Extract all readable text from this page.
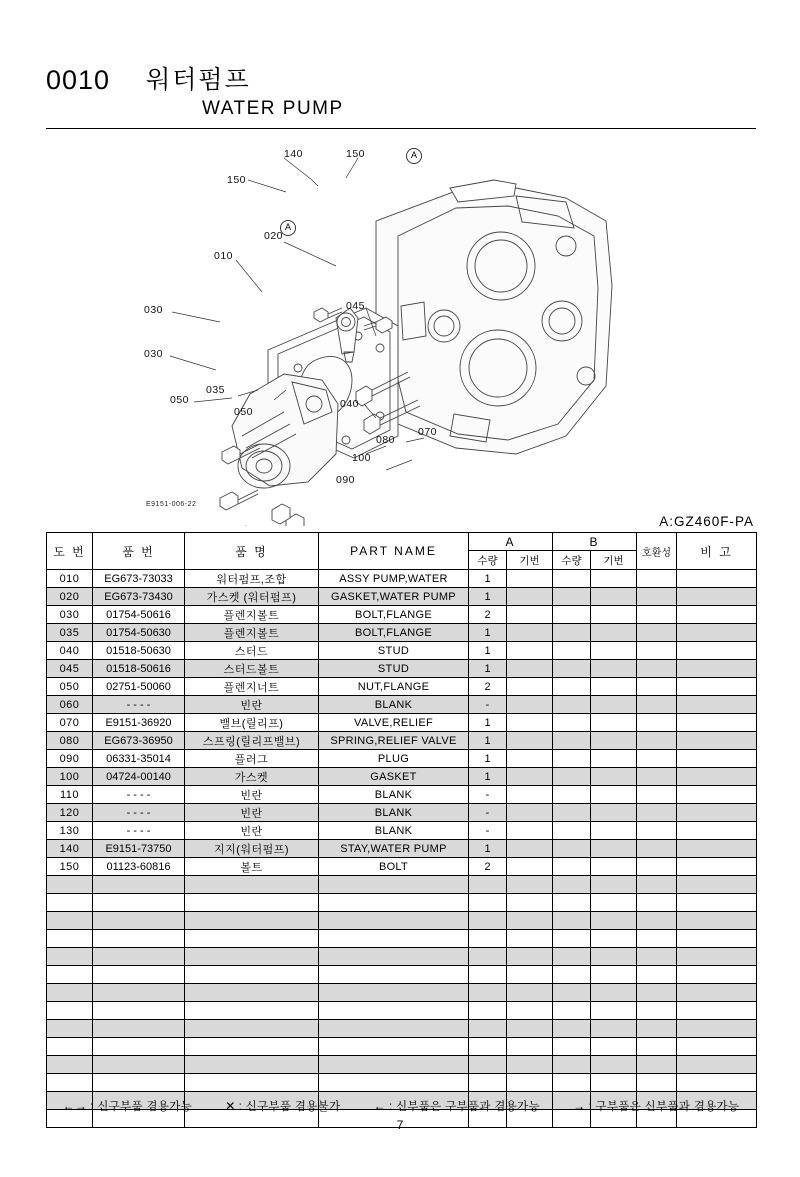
0010 워터펌프
WATER PUMP
140	150
150
020
010
030
030
045
050
035
050
040
080
070
100
090
A
A
E9151-006-22
A:GZ460F-PA
도 번	품 번	품 명	PART NAME	A		B		호환성	비 고
				수량	기번	수량	기번		
010	EG673-73033	워터펌프,조합	ASSY PUMP,WATER	1					
020	EG673-73430	가스켓 (워터펌프)	GASKET,WATER PUMP	1					
030	01754-50616	플렌지볼트	BOLT,FLANGE	2					
035	01754-50630	플렌지볼트	BOLT,FLANGE	1					
040	01518-50630	스터드	STUD	1					
045	01518-50616	스터드볼트	STUD	1					
050	02751-50060	플렌지너트	NUT,FLANGE	2					
060	- - - -	빈란	BLANK	-					
070	E9151-36920	밸브(릴리프)	VALVE,RELIEF	1					
080	EG673-36950	스프링(릴리프밸브)	SPRING,RELIEF VALVE	1					
090	06331-35014	플러그	PLUG	1					
100	04724-00140	가스켓	GASKET	1					
110	- - - -	빈란	BLANK	-					
120	- - - -	빈란	BLANK	-					
130	- - - -	빈란	BLANK	-					
140	E9151-73750	지지(워터펌프)	STAY,WATER PUMP	1					
150	01123-60816	볼트	BOLT	2					

←→ : 신구부품 겸용가능	✕ : 신구부품 겸용불가	← : 신부품은 구부품과 겸용가능	→ : 구부품은 신부품과 겸용가능
7
